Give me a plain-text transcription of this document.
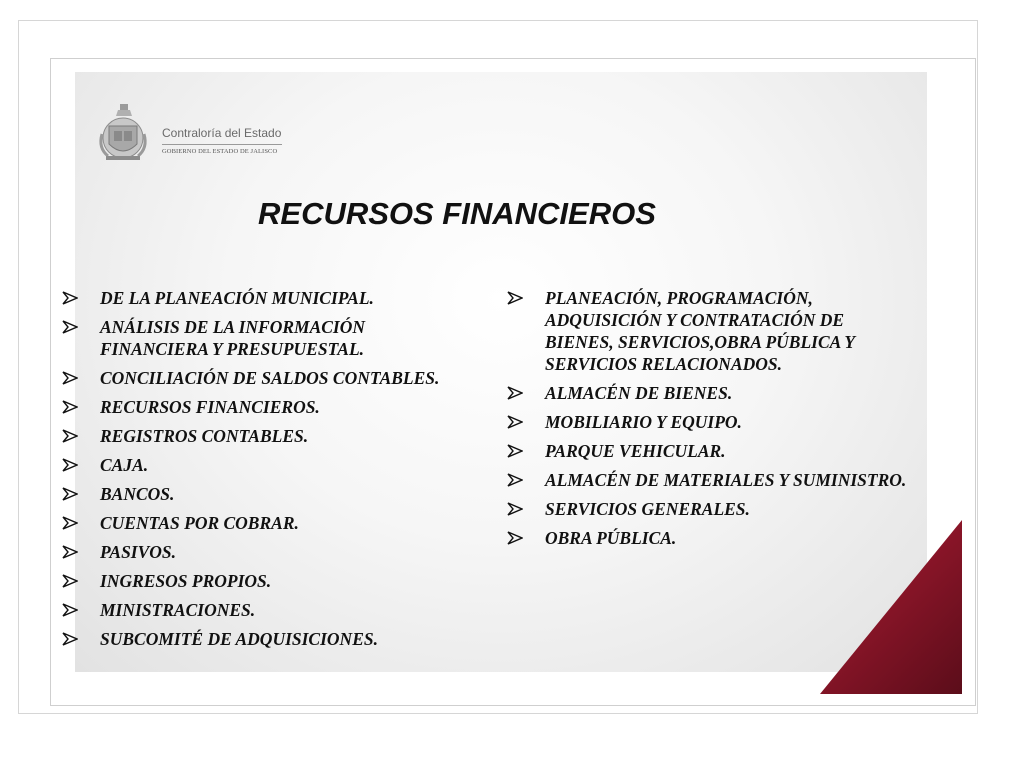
Contraloría del Estado
GOBIERNO DEL ESTADO DE JALISCO
RECURSOS FINANCIEROS
DE LA PLANEACIÓN MUNICIPAL.
ANÁLISIS DE LA INFORMACIÓN FINANCIERA Y PRESUPUESTAL.
CONCILIACIÓN DE SALDOS CONTABLES.
RECURSOS FINANCIEROS.
REGISTROS CONTABLES.
CAJA.
BANCOS.
CUENTAS POR COBRAR.
PASIVOS.
INGRESOS PROPIOS.
MINISTRACIONES.
SUBCOMITÉ DE ADQUISICIONES.
PLANEACIÓN, PROGRAMACIÓN, ADQUISICIÓN Y CONTRATACIÓN DE BIENES, SERVICIOS,OBRA PÚBLICA Y SERVICIOS RELACIONADOS.
ALMACÉN DE BIENES.
MOBILIARIO Y EQUIPO.
PARQUE VEHICULAR.
ALMACÉN DE MATERIALES Y SUMINISTRO.
SERVICIOS GENERALES.
OBRA PÚBLICA.
